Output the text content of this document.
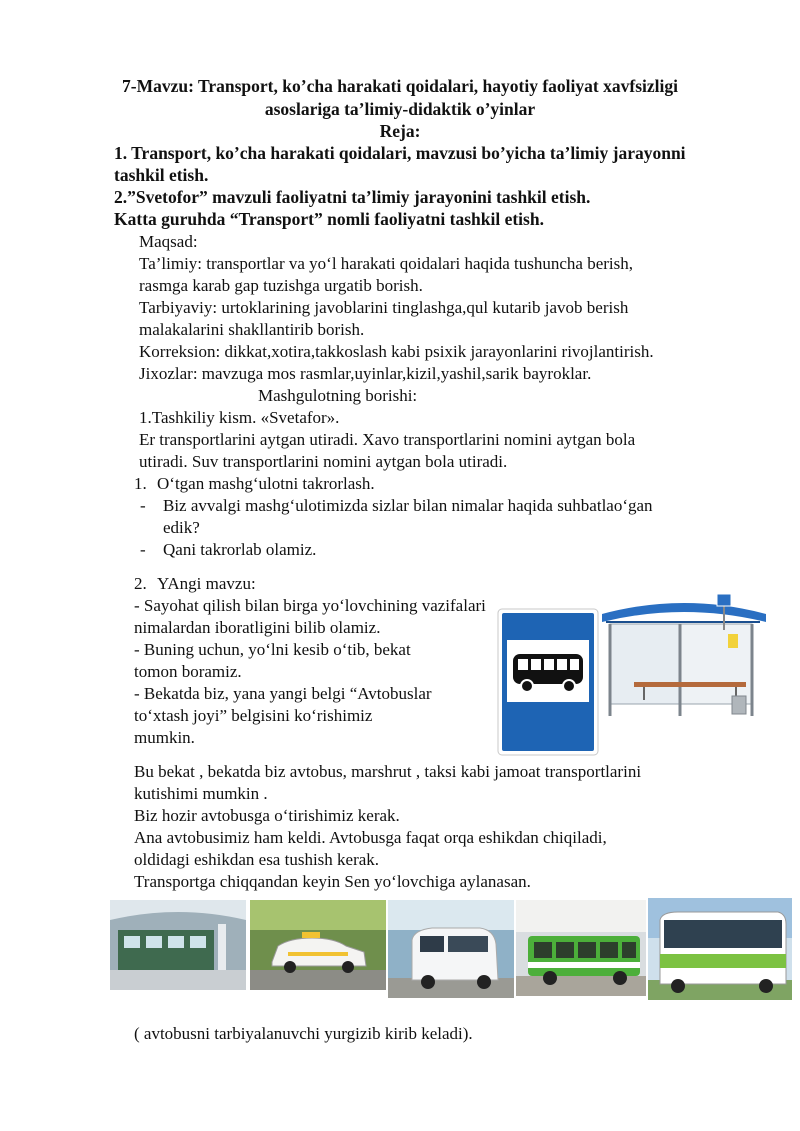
7-Mavzu: Transport, ko’cha harakati qoidalari, hayotiy faoliyat xavfsizligi
asoslariga ta’limiy-didaktik o’yinlar
Reja:
1. Transport, ko’cha harakati qoidalari, mavzusi bo’yicha ta’limiy jarayonni
tashkil etish.
2.”Svetofor” mavzuli faoliyatni ta’limiy jarayonini tashkil etish.
Katta guruhda “Transport” nomli faoliyatni tashkil etish.
Maqsad:
Ta’limiy: transportlar va yo‘l harakati qoidalari haqida tushuncha berish,
rasmga karab gap tuzishga urgatib borish.
Tarbiyaviy: urtoklarining javoblarini tinglashga,qul kutarib javob berish
malakalarini shakllantirib borish.
Korreksion: dikkat,xotira,takkoslash kabi psixik jarayonlarini rivojlantirish.
Jixozlar: mavzuga mos rasmlar,uyinlar,kizil,yashil,sarik bayroklar.
Mashgulotning borishi:
1.Tashkiliy kism. «Svetafor».
Er transportlarini aytgan utiradi. Xavo transportlarini nomini aytgan bola
utiradi. Suv transportlarini nomini aytgan bola utiradi.
1. O‘tgan mashg‘ulotni takrorlash.
- Biz avvalgi mashg‘ulotimizda sizlar bilan nimalar haqida suhbatlao‘gan
edik?
- Qani takrorlab olamiz.
2. YAngi mavzu:
- Sayohat qilish bilan birga yo‘lovchining vazifalari
nimalardan iboratligini bilib olamiz.
- Buning uchun, yo‘lni kesib o‘tib, bekat
tomon boramiz.
- Bekatda biz, yana yangi belgi “Avtobuslar
to‘xtash joyi” belgisini ko‘rishimiz
mumkin.
Bu bekat , bekatda biz avtobus, marshrut , taksi kabi jamoat transportlarini
kutishimi mumkin .
Biz hozir avtobusga o‘tirishimiz kerak.
Ana avtobusimiz ham keldi. Avtobusga faqat orqa eshikdan chiqiladi,
oldidagi eshikdan esa tushish kerak.
Transportga chiqqandan keyin Sen yo‘lovchiga aylanasan.
( avtobusni tarbiyalanuvchi yurgizib kirib keladi).
